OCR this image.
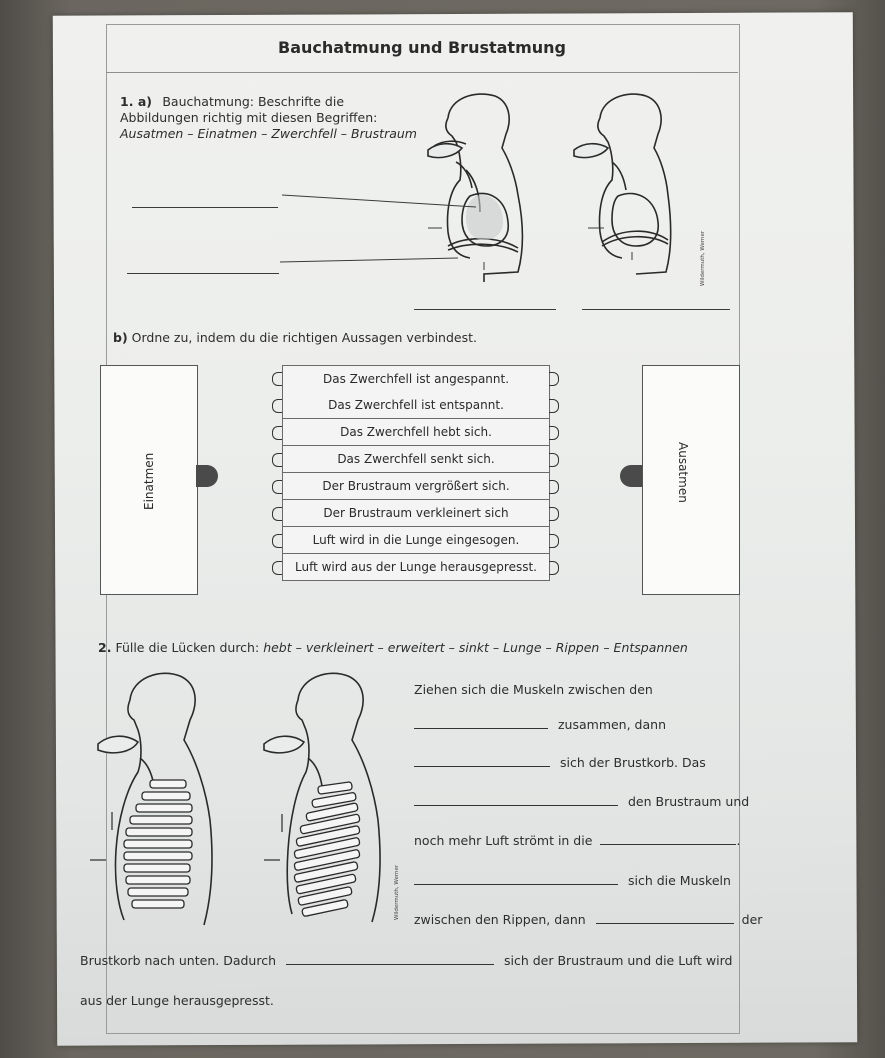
Bauchatmung und Brustatmung
1. a) Bauchatmung: Beschrifte die
Abbildungen richtig mit diesen Begriffen:
Ausatmen – Einatmen – Zwerchfell – Brustraum
Wildermuth, Werner
b) Ordne zu, indem du die richtigen Aussagen verbindest.
Einatmen	Ausatmen
Das Zwerchfell ist angespannt.
Das Zwerchfell ist entspannt.
Das Zwerchfell hebt sich.
Das Zwerchfell senkt sich.
Der Brustraum vergrößert sich.
Der Brustraum verkleinert sich
Luft wird in die Lunge eingesogen.
Luft wird aus der Lunge herausgepresst.
2. Fülle die Lücken durch: hebt – verkleinert – erweitert – sinkt – Lunge – Rippen – Entspannen
Wildermuth, Werner
Ziehen sich die Muskeln zwischen den
zusammen, dann
sich der Brustkorb. Das
den Brustraum und
noch mehr Luft strömt in die	.
sich die Muskeln
zwischen den Rippen, dann	der
Brustkorb nach unten. Dadurch	sich der Brustraum und die Luft wird
aus der Lunge herausgepresst.
